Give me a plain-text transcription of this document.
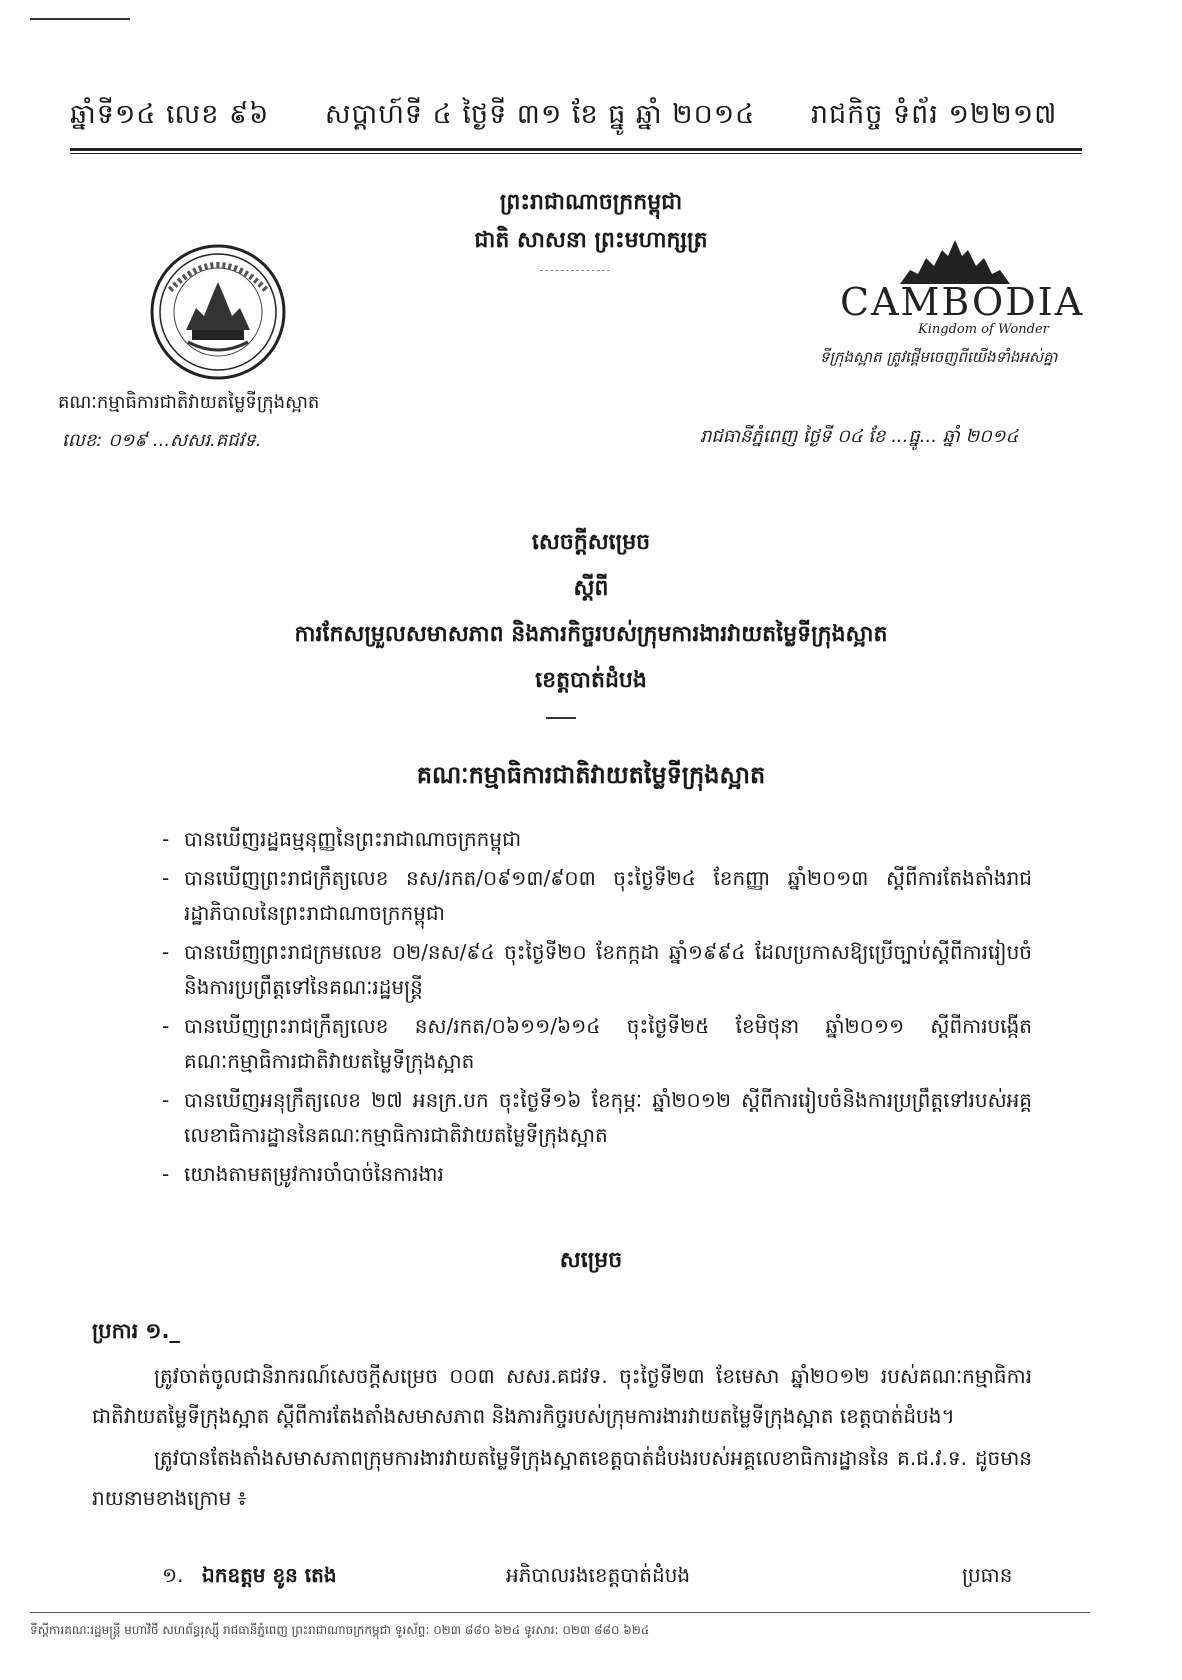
ឆ្នាំទី១៤ លេខ ៩៦ សប្តាហ៍ទី ៤ ថ្ងៃទី ៣១ ខែ ធ្នូ ឆ្នាំ ២០១៤ រាជកិច្ច ទំព័រ ១២២១៧
ព្រះរាជាណាចក្រកម្ពុជា
ជាតិ សាសនា ព្រះមហាក្សត្រ
គណៈកម្មាធិការជាតិវាយតម្លៃទីក្រុងស្អាត
លេខ: ០១៩ ...សសរ.គជវទ.
CAMBODIA
Kingdom of Wonder
ទីក្រុងស្អាត ត្រូវផ្តើមចេញពីយើងទាំងអស់គ្នា
រាជធានីភ្នំពេញ ថ្ងៃទី ០៤ ខែ ...ធ្នូ... ឆ្នាំ ២០១៤
សេចក្តីសម្រេច
ស្តីពី
ការកែសម្រួលសមាសភាព និងភារកិច្ចរបស់ក្រុមការងារវាយតម្លៃទីក្រុងស្អាត
ខេត្តបាត់ដំបង
គណៈកម្មាធិការជាតិវាយតម្លៃទីក្រុងស្អាត
- បានឃើញរដ្ឋធម្មនុញ្ញនៃព្រះរាជាណាចក្រកម្ពុជា
- បានឃើញព្រះរាជក្រឹត្យលេខ នស/រកត/០៩១៣/៩០៣ ចុះថ្ងៃទី២៤ ខែកញ្ញា ឆ្នាំ២០១៣ ស្តីពីការតែងតាំងរាជរដ្ឋាភិបាលនៃព្រះរាជាណាចក្រកម្ពុជា
- បានឃើញព្រះរាជក្រមលេខ ០២/នស/៩៤ ចុះថ្ងៃទី២០ ខែកក្កដា ឆ្នាំ១៩៩៤ ដែលប្រកាសឱ្យប្រើច្បាប់ស្តីពីការរៀបចំនិងការប្រព្រឹត្តទៅនៃគណៈរដ្ឋមន្ត្រី
- បានឃើញព្រះរាជក្រឹត្យលេខ នស/រកត/០៦១១/៦១៤ ចុះថ្ងៃទី២៥ ខែមិថុនា ឆ្នាំ២០១១ ស្តីពីការបង្កើតគណៈកម្មាធិការជាតិវាយតម្លៃទីក្រុងស្អាត
- បានឃើញអនុក្រឹត្យលេខ ២៧ អនក្រ.បក ចុះថ្ងៃទី១៦ ខែកុម្ភៈ ឆ្នាំ២០១២ ស្តីពីការរៀបចំនិងការប្រព្រឹត្តទៅរបស់អគ្គលេខាធិការដ្ឋាននៃគណៈកម្មាធិការជាតិវាយតម្លៃទីក្រុងស្អាត
- យោងតាមតម្រូវការចាំបាច់នៃការងារ
សម្រេច
ប្រការ ១._

ត្រូវចាត់ចូលជានិរាករណ៍សេចក្តីសម្រេច ០០៣ សសរ.គជវទ. ចុះថ្ងៃទី២៣ ខែមេសា ឆ្នាំ២០១២ របស់គណៈកម្មាធិការជាតិវាយតម្លៃទីក្រុងស្អាត ស្តីពីការតែងតាំងសមាសភាព និងភារកិច្ចរបស់ក្រុមការងារវាយតម្លៃទីក្រុងស្អាត ខេត្តបាត់ដំបង។

ត្រូវបានតែងតាំងសមាសភាពក្រុមការងារវាយតម្លៃទីក្រុងស្អាតខេត្តបាត់ដំបងរបស់អគ្គលេខាធិការដ្ឋាននៃ គ.ជ.វ.ទ. ដូចមានរាយនាមខាងក្រោម ៖

១. ឯកឧត្តម ខូន តេង	អភិបាលរងខេត្តបាត់ដំបង	ប្រធាន
ទីស្តីការគណៈរដ្ឋមន្ត្រី មហាវិថី សហព័ន្ធរុស្ស៊ី រាជធានីភ្នំពេញ ព្រះរាជាណាចក្រកម្ពុជា ទូរស័ព្ទ: ០២៣ ៨៨០ ៦២៤ ទូរសារ: ០២៣ ៨៨០ ៦២៤
